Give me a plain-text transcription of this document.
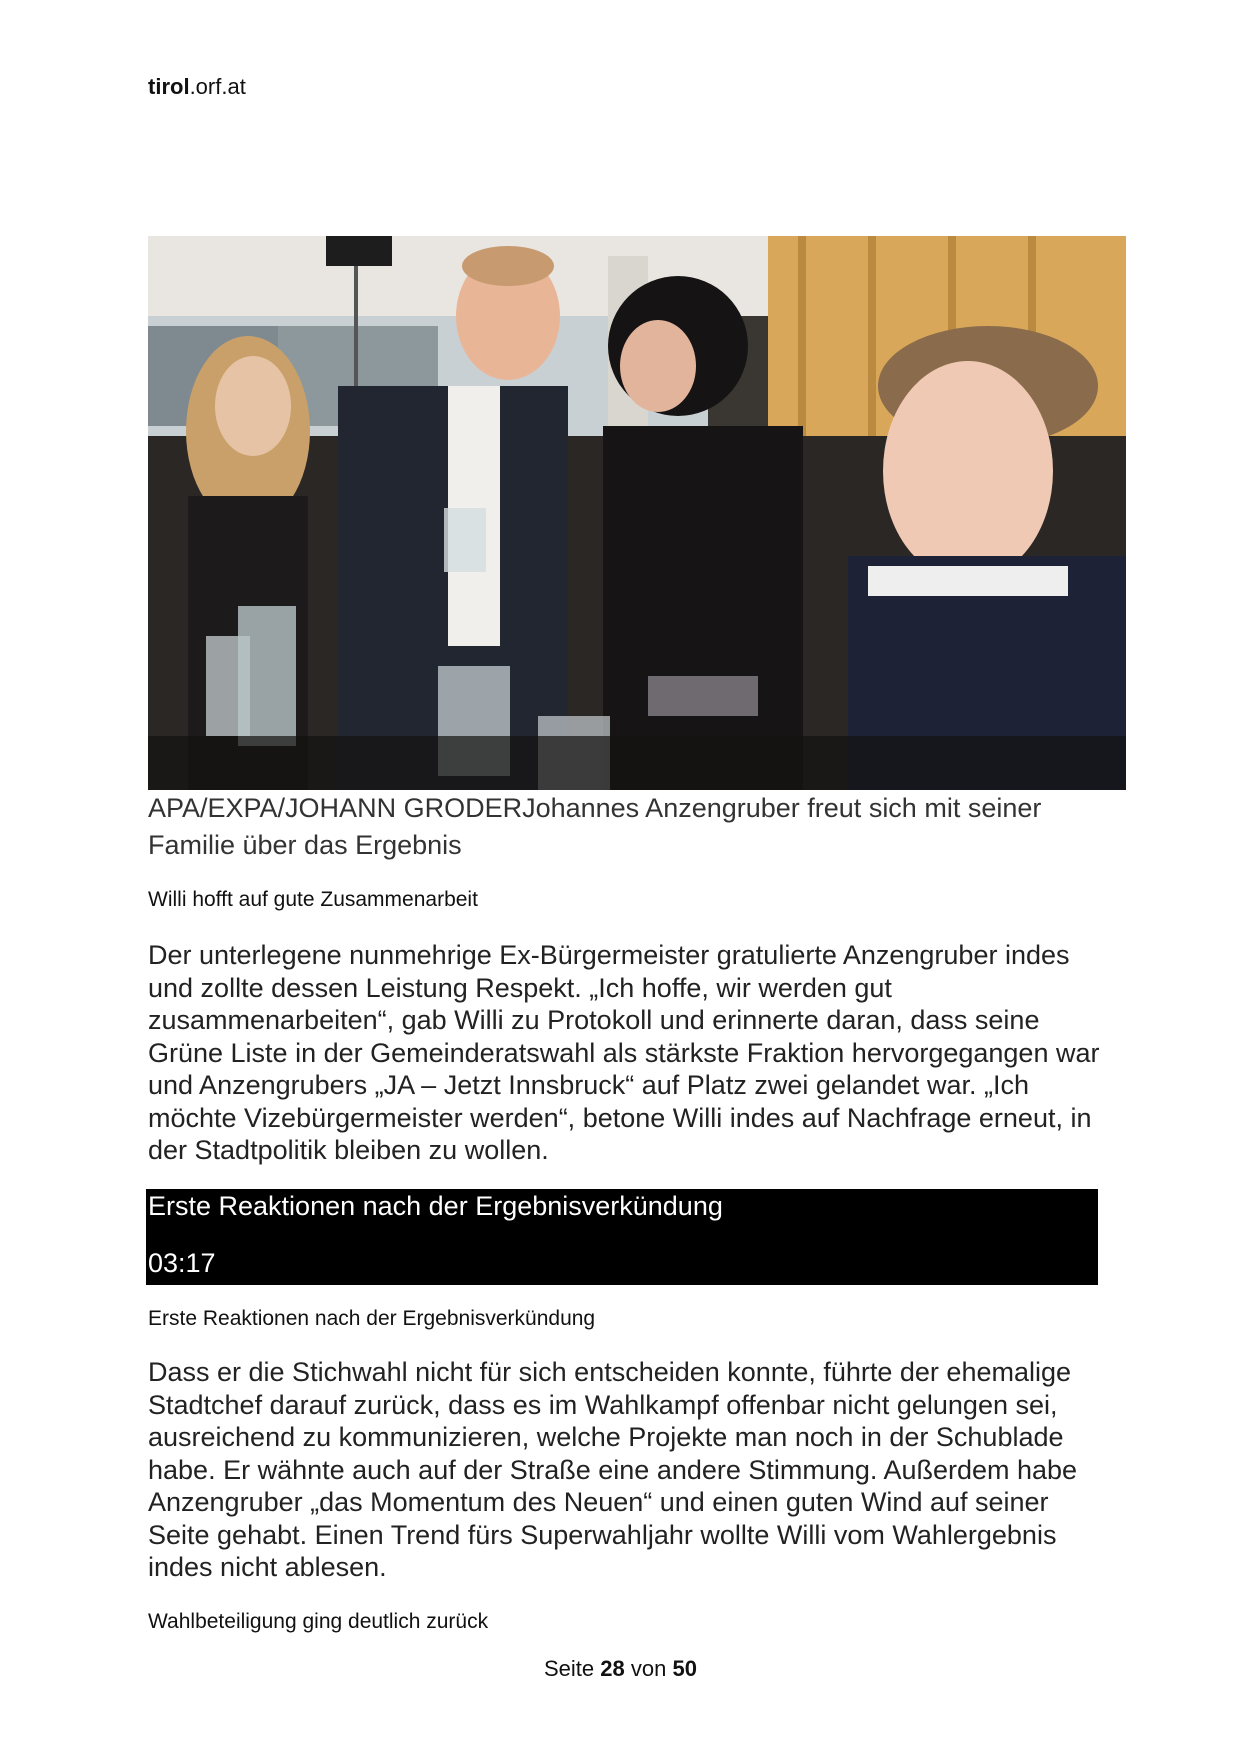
tirol.orf.at
APA/EXPA/JOHANN GRODERJohannes Anzengruber freut sich mit seiner Familie über das Ergebnis
Willi hofft auf gute Zusammenarbeit
Der unterlegene nunmehrige Ex-Bürgermeister gratulierte Anzengruber indes und zollte dessen Leistung Respekt. „Ich hoffe, wir werden gut zusammenarbeiten“, gab Willi zu Protokoll und erinnerte daran, dass seine Grüne Liste in der Gemeinderatswahl als stärkste Fraktion hervorgegangen war und Anzengrubers „JA – Jetzt Innsbruck“ auf Platz zwei gelandet war. „Ich möchte Vizebürgermeister werden“, betone Willi indes auf Nachfrage erneut, in der Stadtpolitik bleiben zu wollen.
Erste Reaktionen nach der Ergebnisverkündung
03:17
Erste Reaktionen nach der Ergebnisverkündung
Dass er die Stichwahl nicht für sich entscheiden konnte, führte der ehemalige Stadtchef darauf zurück, dass es im Wahlkampf offenbar nicht gelungen sei, ausreichend zu kommunizieren, welche Projekte man noch in der Schublade habe. Er wähnte auch auf der Straße eine andere Stimmung. Außerdem habe Anzengruber „das Momentum des Neuen“ und einen guten Wind auf seiner Seite gehabt. Einen Trend fürs Superwahljahr wollte Willi vom Wahlergebnis indes nicht ablesen.
Wahlbeteiligung ging deutlich zurück
Seite 28 von 50
